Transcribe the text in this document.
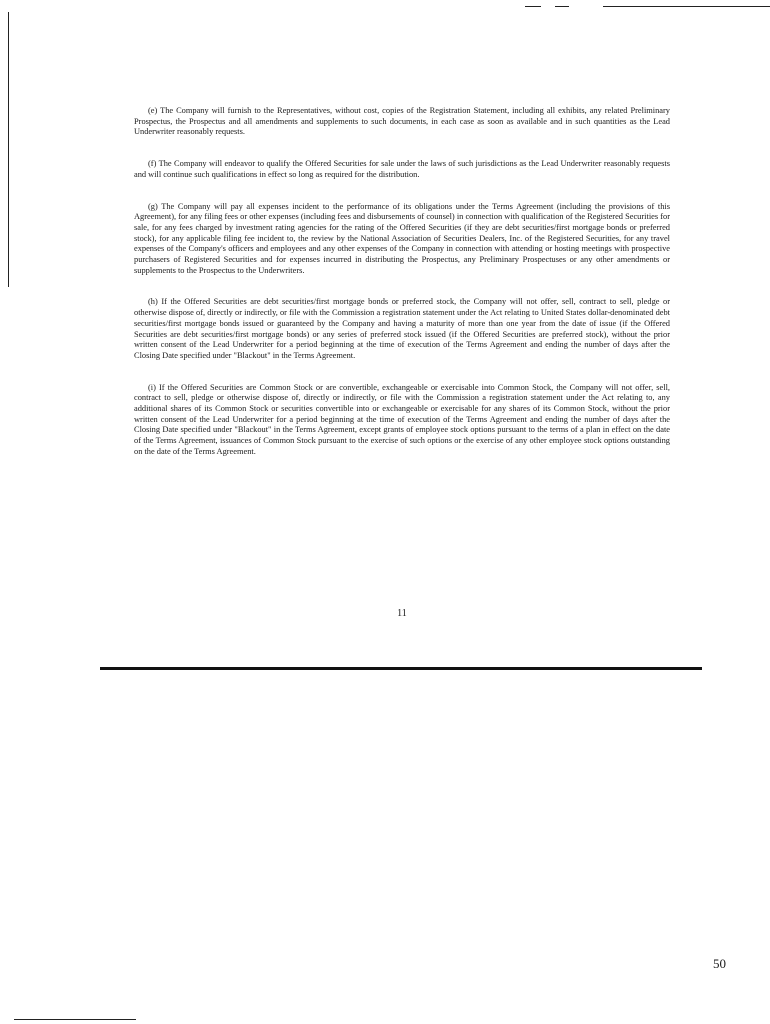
(e) The Company will furnish to the Representatives, without cost, copies of the Registration Statement, including all exhibits, any related Preliminary Prospectus, the Prospectus and all amendments and supplements to such documents, in each case as soon as available and in such quantities as the Lead Underwriter reasonably requests.

(f) The Company will endeavor to qualify the Offered Securities for sale under the laws of such jurisdictions as the Lead Underwriter reasonably requests and will continue such qualifications in effect so long as required for the distribution.

(g) The Company will pay all expenses incident to the performance of its obligations under the Terms Agreement (including the provisions of this Agreement), for any filing fees or other expenses (including fees and disbursements of counsel) in connection with qualification of the Registered Securities for sale, for any fees charged by investment rating agencies for the rating of the Offered Securities (if they are debt securities/first mortgage bonds or preferred stock), for any applicable filing fee incident to, the review by the National Association of Securities Dealers, Inc. of the Registered Securities, for any travel expenses of the Company's officers and employees and any other expenses of the Company in connection with attending or hosting meetings with prospective purchasers of Registered Securities and for expenses incurred in distributing the Prospectus, any Preliminary Prospectuses or any other amendments or supplements to the Prospectus to the Underwriters.

(h) If the Offered Securities are debt securities/first mortgage bonds or preferred stock, the Company will not offer, sell, contract to sell, pledge or otherwise dispose of, directly or indirectly, or file with the Commission a registration statement under the Act relating to United States dollar-denominated debt securities/first mortgage bonds issued or guaranteed by the Company and having a maturity of more than one year from the date of issue (if the Offered Securities are debt securities/first mortgage bonds) or any series of preferred stock issued (if the Offered Securities are preferred stock), without the prior written consent of the Lead Underwriter for a period beginning at the time of execution of the Terms Agreement and ending the number of days after the Closing Date specified under "Blackout" in the Terms Agreement.

(i) If the Offered Securities are Common Stock or are convertible, exchangeable or exercisable into Common Stock, the Company will not offer, sell, contract to sell, pledge or otherwise dispose of, directly or indirectly, or file with the Commission a registration statement under the Act relating to, any additional shares of its Common Stock or securities convertible into or exchangeable or exercisable for any shares of its Common Stock, without the prior written consent of the Lead Underwriter for a period beginning at the time of execution of the Terms Agreement and ending the number of days after the Closing Date specified under "Blackout" in the Terms Agreement, except grants of employee stock options pursuant to the terms of a plan in effect on the date of the Terms Agreement, issuances of Common Stock pursuant to the exercise of such options or the exercise of any other employee stock options outstanding on the date of the Terms Agreement.

11
50
